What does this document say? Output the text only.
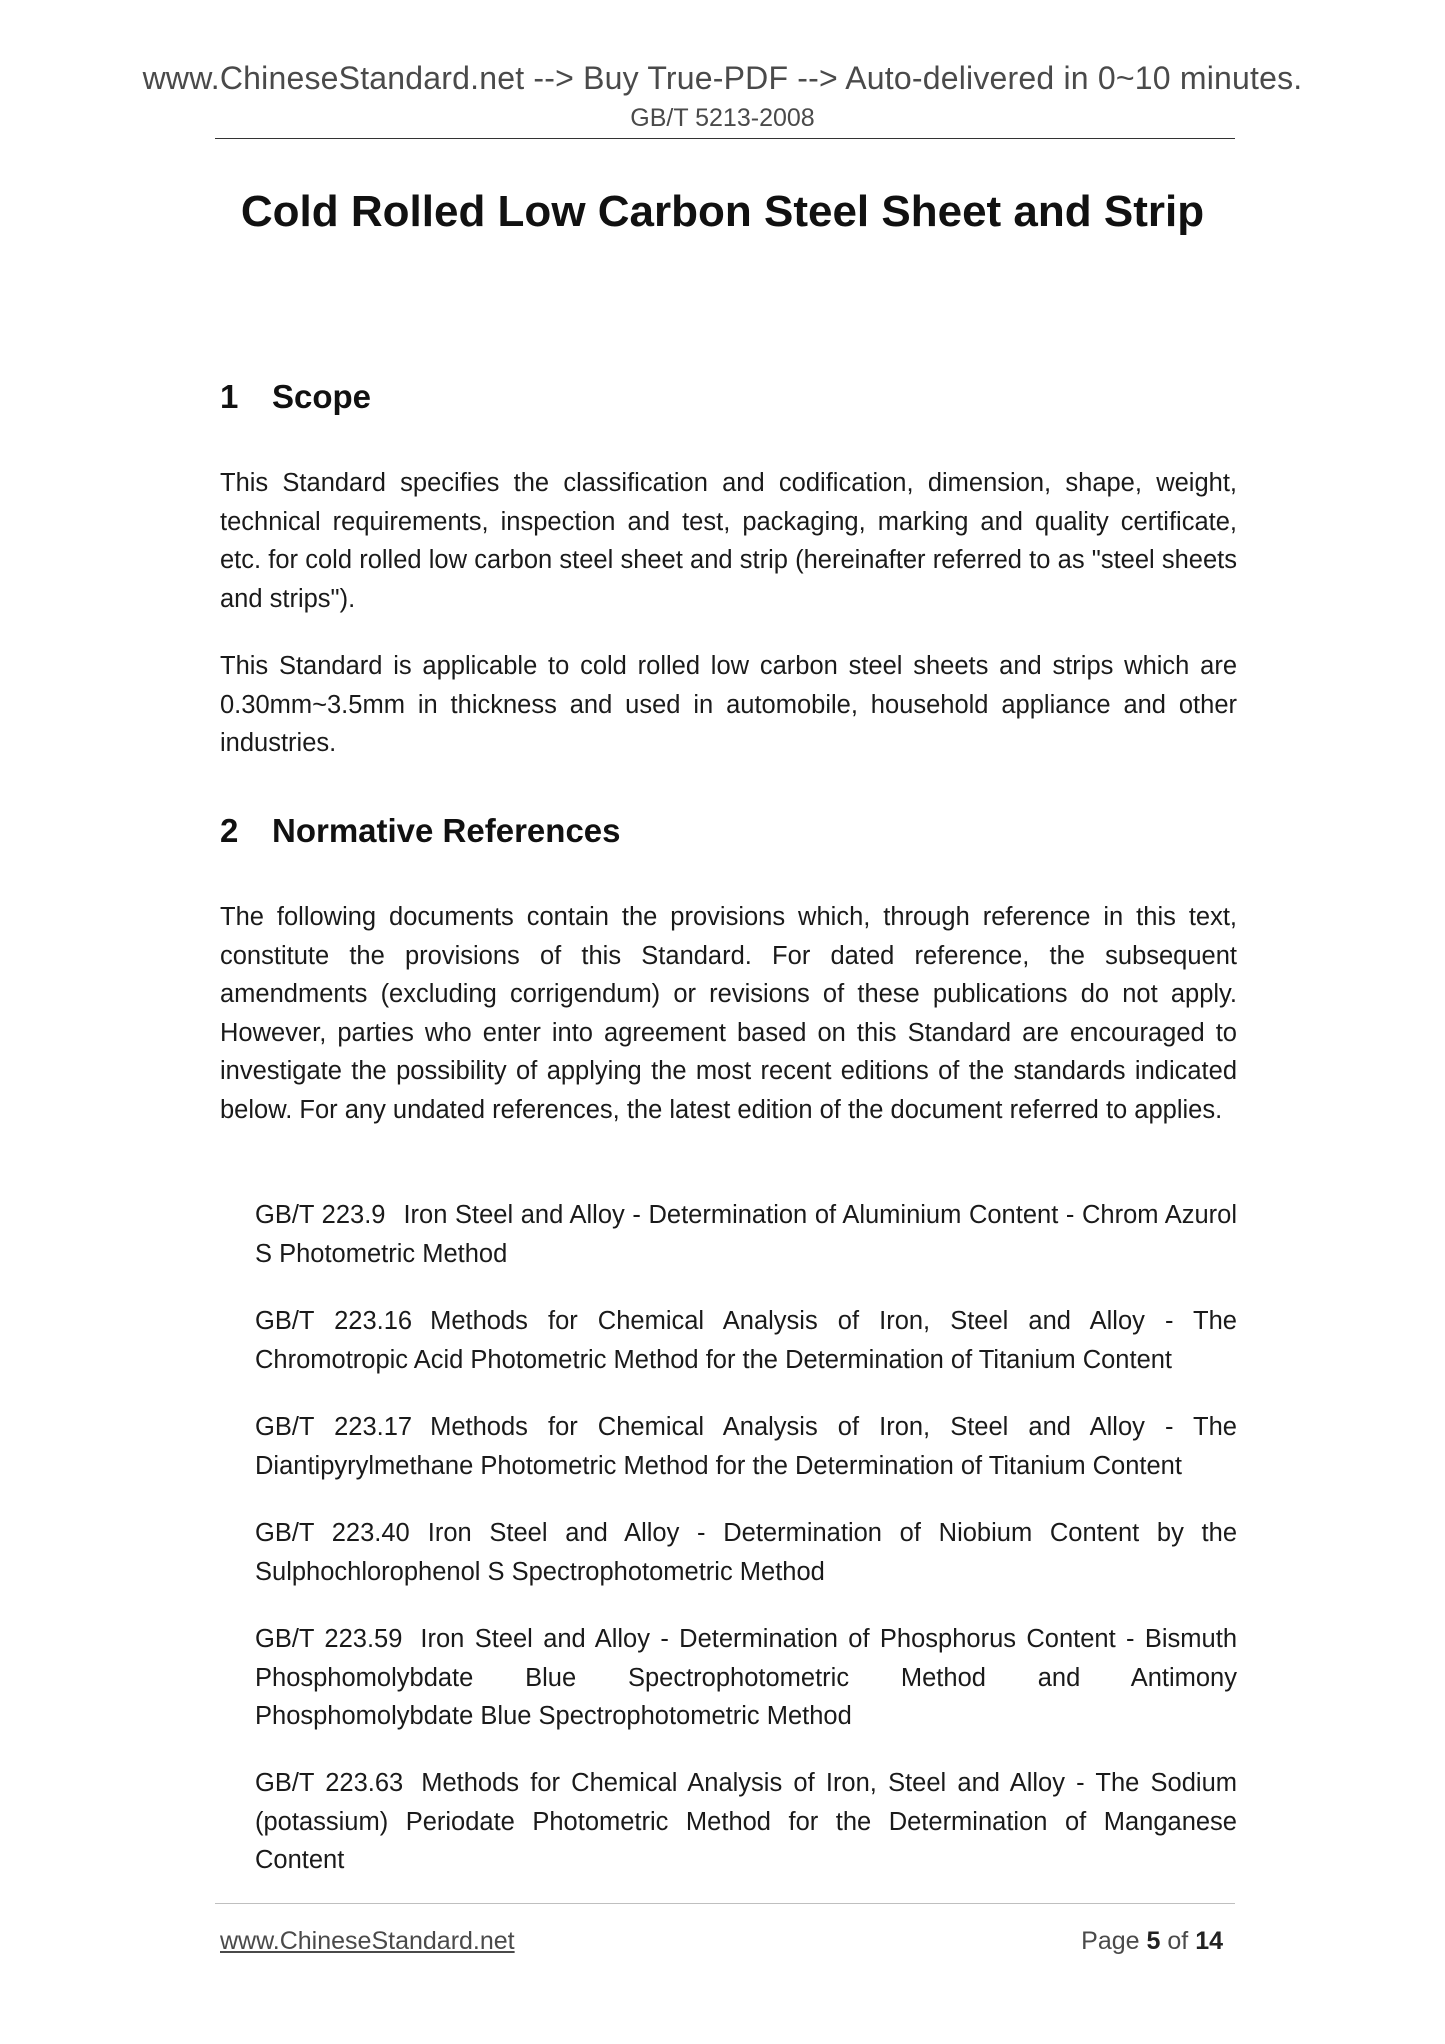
www.ChineseStandard.net --> Buy True-PDF --> Auto-delivered in 0~10 minutes.
GB/T 5213-2008
Cold Rolled Low Carbon Steel Sheet and Strip
1 Scope
This Standard specifies the classification and codification, dimension, shape, weight, technical requirements, inspection and test, packaging, marking and quality certificate, etc. for cold rolled low carbon steel sheet and strip (hereinafter referred to as "steel sheets and strips").
This Standard is applicable to cold rolled low carbon steel sheets and strips which are 0.30mm~3.5mm in thickness and used in automobile, household appliance and other industries.
2 Normative References
The following documents contain the provisions which, through reference in this text, constitute the provisions of this Standard. For dated reference, the subsequent amendments (excluding corrigendum) or revisions of these publications do not apply. However, parties who enter into agreement based on this Standard are encouraged to investigate the possibility of applying the most recent editions of the standards indicated below. For any undated references, the latest edition of the document referred to applies.
GB/T 223.9 Iron Steel and Alloy - Determination of Aluminium Content - Chrom Azurol S Photometric Method
GB/T 223.16 Methods for Chemical Analysis of Iron, Steel and Alloy - The Chromotropic Acid Photometric Method for the Determination of Titanium Content
GB/T 223.17 Methods for Chemical Analysis of Iron, Steel and Alloy - The Diantipyrylmethane Photometric Method for the Determination of Titanium Content
GB/T 223.40 Iron Steel and Alloy - Determination of Niobium Content by the Sulphochlorophenol S Spectrophotometric Method
GB/T 223.59 Iron Steel and Alloy - Determination of Phosphorus Content - Bismuth Phosphomolybdate Blue Spectrophotometric Method and Antimony Phosphomolybdate Blue Spectrophotometric Method
GB/T 223.63 Methods for Chemical Analysis of Iron, Steel and Alloy - The Sodium (potassium) Periodate Photometric Method for the Determination of Manganese Content
www.ChineseStandard.net	Page 5 of 14
